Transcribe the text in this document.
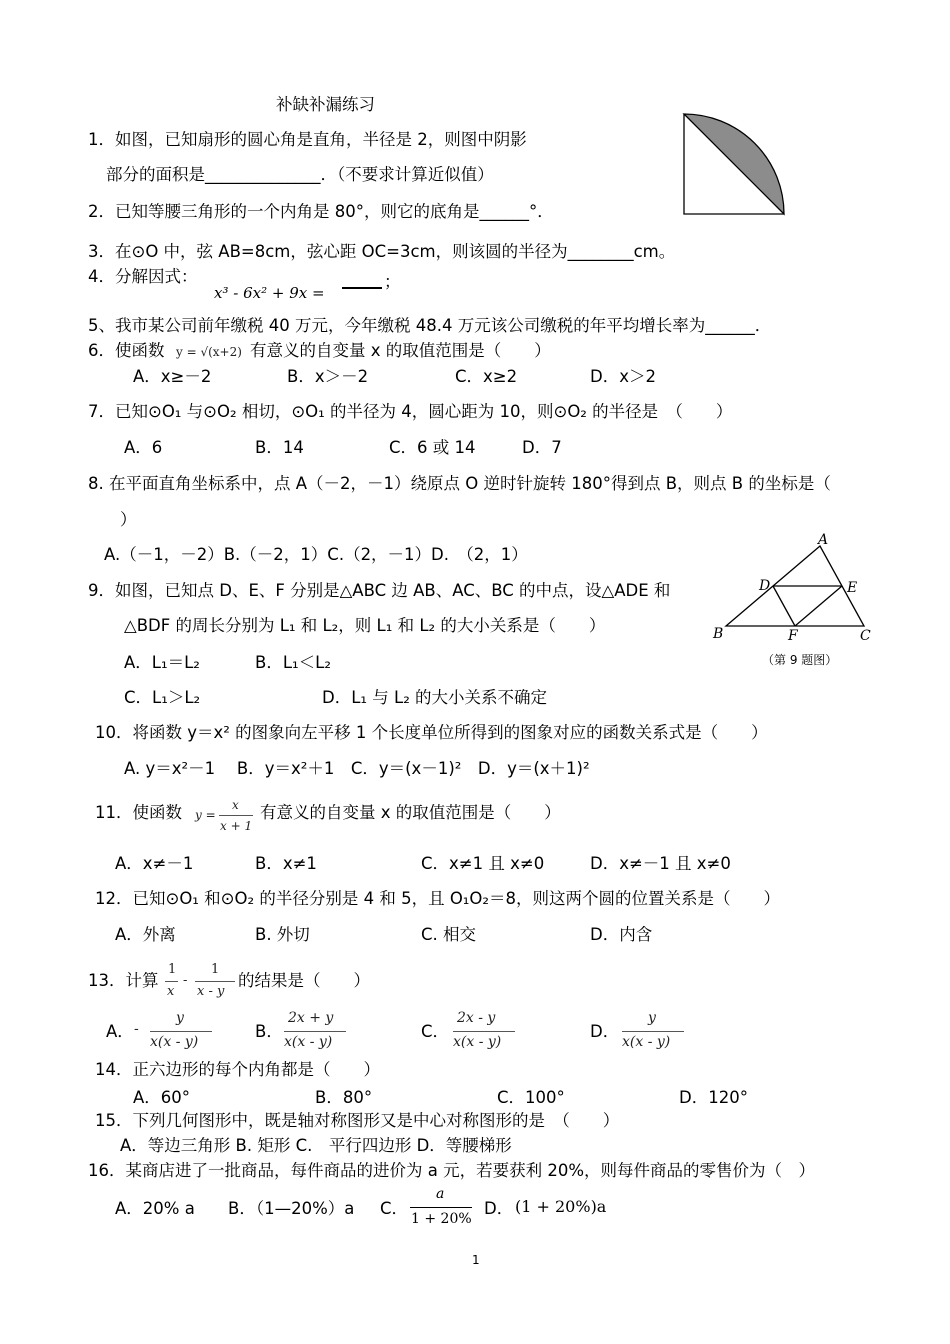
补缺补漏练习
1．如图，已知扇形的圆心角是直角，半径是 2，则图中阴影
部分的面积是______________．（不要求计算近似值）
2．已知等腰三角形的一个内角是 80°，则它的底角是______°．
3．在⊙O 中，弦 AB=8cm，弦心距 OC=3cm，则该圆的半径为________cm。
4．分解因式：
x³ - 6x² + 9x =
；
5、我市某公司前年缴税 40 万元，今年缴税 48.4 万元该公司缴税的年平均增长率为______．
6．使函数 y = √(x+2) 有意义的自变量 x 的取值范围是（　　）
A．x≥－2	B．x＞－2	C．x≥2	D．x＞2
7．已知⊙O₁ 与⊙O₂ 相切，⊙O₁ 的半径为 4，圆心距为 10，则⊙O₂ 的半径是　（　　）
A．6	B．14	C．6 或 14	D．7
8. 在平面直角坐标系中，点 A（－2，－1）绕原点 O 逆时针旋转 180°得到点 B，则点 B 的坐标是（
）
A.（－1，－2）B.（－2，1）C.（2，－1）D.　（2，1）
9．如图，已知点 D、E、F 分别是△ABC 边 AB、AC、BC 的中点，设△ADE 和
△BDF 的周长分别为 L₁ 和 L₂，则 L₁ 和 L₂ 的大小关系是（　　）
A．L₁＝L₂	B．L₁＜L₂
C．L₁＞L₂	D．L₁ 与 L₂ 的大小关系不确定
A
D	E
B	F	C
（第 9 题图）
10．将函数 y＝x² 的图象向左平移 1 个长度单位所得到的图象对应的函数关系式是（　　）
A. y＝x²－1　 B．y＝x²＋1　C．y＝(x－1)²　D．y＝(x＋1)²
11．使函数 y =
x
x + 1
有意义的自变量 x 的取值范围是（　　）
A．x≠－1	B．x≠1	C．x≠1 且 x≠0	D．x≠－1 且 x≠0
12．已知⊙O₁ 和⊙O₂ 的半径分别是 4 和 5，且 O₁O₂＝8，则这两个圆的位置关系是（　　）
A．外离	B. 外切	C. 相交	D．内含
13．计算
1
x
-
1
x - y
的结果是（　　）
A． -
y
x(x - y)
B．
2x + y
x(x - y)
C．
2x - y
x(x - y)
D．
y
x(x - y)
14．正六边形的每个内角都是（　　）
A．60°	B．80°	C．100°	D．120°
15．下列几何图形中，既是轴对称图形又是中心对称图形的是　（　　）
A．等边三角形 B. 矩形 C.　平行四边形 D．等腰梯形
16．某商店进了一批商品，每件商品的进价为 a 元，若要获利 20%，则每件商品的零售价为（　）
A．20% a B．（1—20%）a C．
a
1 + 20%
D． (1 + 20%)a
1
